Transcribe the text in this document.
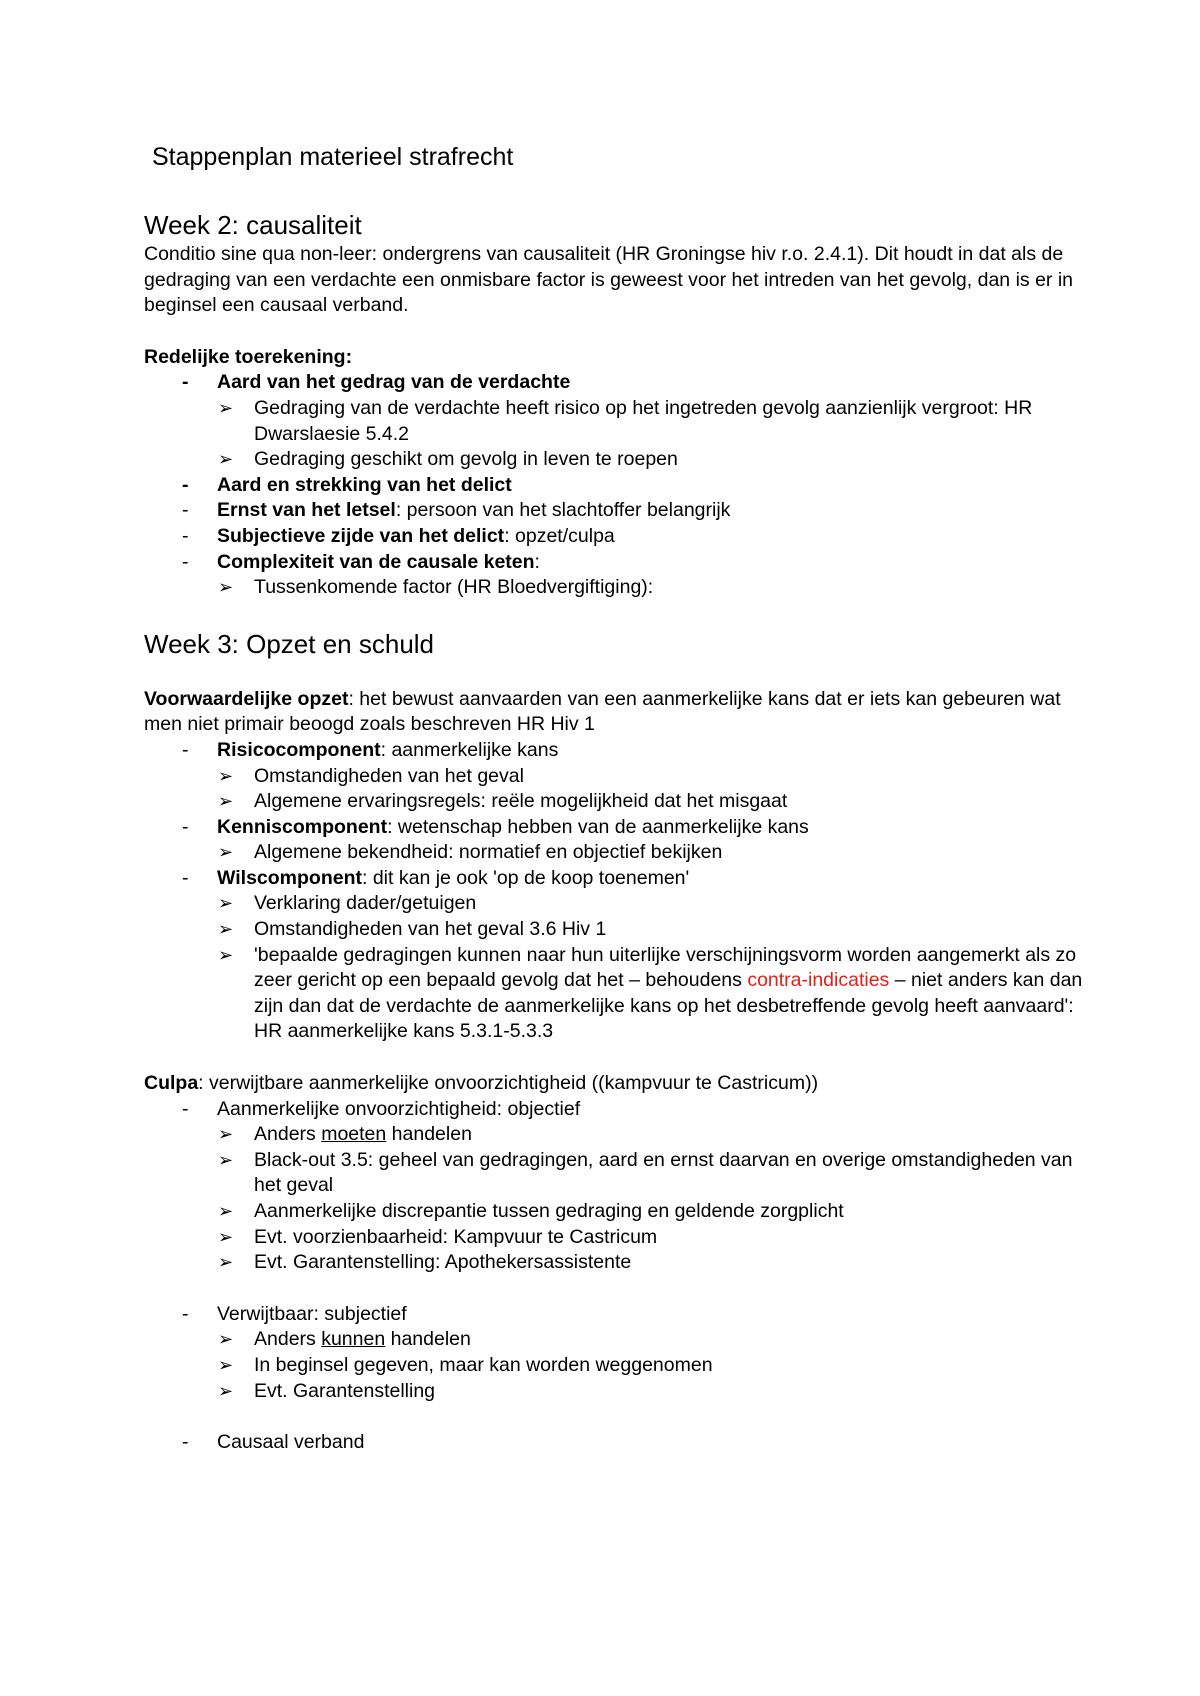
Stappenplan materieel strafrecht
Week 2: causaliteit

Conditio sine qua non-leer: ondergrens van causaliteit (HR Groningse hiv r.o. 2.4.1). Dit houdt in dat als de gedraging van een verdachte een onmisbare factor is geweest voor het intreden van het gevolg, dan is er in beginsel een causaal verband.

Redelijke toerekening:
- Aard van het gedrag van de verdachte
➢ Gedraging van de verdachte heeft risico op het ingetreden gevolg aanzienlijk vergroot: HR Dwarslaesie 5.4.2
➢ Gedraging geschikt om gevolg in leven te roepen
- Aard en strekking van het delict
- Ernst van het letsel: persoon van het slachtoffer belangrijk
- Subjectieve zijde van het delict: opzet/culpa
- Complexiteit van de causale keten:
➢ Tussenkomende factor (HR Bloedvergiftiging):
Week 3: Opzet en schuld

Voorwaardelijke opzet: het bewust aanvaarden van een aanmerkelijke kans dat er iets kan gebeuren wat men niet primair beoogd zoals beschreven HR Hiv 1

- Risicocomponent: aanmerkelijke kans
➢ Omstandigheden van het geval
➢ Algemene ervaringsregels: reële mogelijkheid dat het misgaat
- Kenniscomponent: wetenschap hebben van de aanmerkelijke kans
➢ Algemene bekendheid: normatief en objectief bekijken
- Wilscomponent: dit kan je ook 'op de koop toenemen'
➢ Verklaring dader/getuigen
➢ Omstandigheden van het geval 3.6 Hiv 1
➢ 'bepaalde gedragingen kunnen naar hun uiterlijke verschijningsvorm worden aangemerkt als zo zeer gericht op een bepaald gevolg dat het – behoudens contra-indicaties – niet anders kan dan zijn dan dat de verdachte de aanmerkelijke kans op het desbetreffende gevolg heeft aanvaard': HR aanmerkelijke kans 5.3.1-5.3.3

Culpa: verwijtbare aanmerkelijke onvoorzichtigheid ((kampvuur te Castricum))

- Aanmerkelijke onvoorzichtigheid: objectief
➢ Anders moeten handelen
➢ Black-out 3.5: geheel van gedragingen, aard en ernst daarvan en overige omstandigheden van het geval
➢ Aanmerkelijke discrepantie tussen gedraging en geldende zorgplicht
➢ Evt. voorzienbaarheid: Kampvuur te Castricum
➢ Evt. Garantenstelling: Apothekersassistente
- Verwijtbaar: subjectief
➢ Anders kunnen handelen
➢ In beginsel gegeven, maar kan worden weggenomen
➢ Evt. Garantenstelling
- Causaal verband
